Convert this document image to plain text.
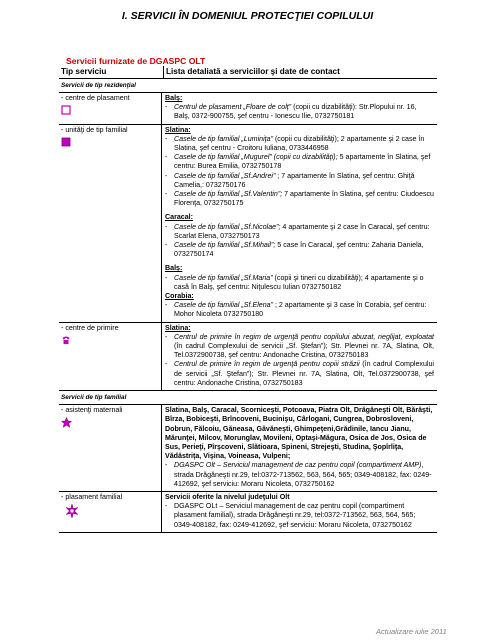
I. SERVICII ÎN DOMENIUL PROTECŢIEI COPILULUI
Servicii furnizate de DGASPC OLT
Tip serviciu	Lista detaliată a serviciilor şi date de contact
Servicii de tip rezidenţial
- centre de plasament	Balş:
- Centrul de plasament „Floare de colţ” (copii cu dizabilităţi): Str.Plopului nr. 16, Balş, 0372-900755, şef centru - Ionescu Ilie, 0732750181
- unităţi de tip familial	Slatina:
- Casele de tip familial „Luminiţa” (copii cu dizabilităţi); 2 apartamente şi 2 case în Slatina, şef centru - Croitoru Iuliana, 0733446958
- Casele de tip familial „Mugurel” (copii cu dizabilităţi); 5 apartamente în Slatina, şef centru: Burea Emilia, 0732750178
- Casele de tip familial „Sf.Andrei” ; 7 apartamente în Slatina, şef centru: Ghiţă Camelia,: 0732750176
- Casele de tip familial „Sf.Valentin”; 7 apartamente în Slatina, şef centru: Ciudoescu Florenţa, 0732750175
Caracal:
- Casele de tip familial „Sf.Nicolae”; 4 apartamente şi 2 case în Caracal, şef centru: Scarlat Elena, 0732750173
- Casele de tip familial „Sf.Mihail”; 5 case în Caracal, şef centru: Zaharia Daniela, 0732750174
Balş:
- Casele de tip familial „Sf.Maria” (copii şi tineri cu dizabilităţi); 4 apartamente şi o casă în Balş, şef centru: Niţulescu Iulian 0732750182
Corabia:
- Casele de tip familial „Sf.Elena” ; 2 apartamente şi 3 case în Corabia, şef centru: Mohor Nicoleta 0732750180
- centre de primire	Slatina:
- Centrul de primire în regim de urgenţă pentru copilului abuzat, neglijat, exploatat (în cadrul Complexului de servicii „Sf. Ştefan”); Str. Plevnei nr. 7A, Slatina, Olt, Tel.0372900738, şef centru: Andonache Cristina, 0732750183
- Centrul de primire în regim de urgenţă pentru copiii străzii (în cadrul Complexului de servicii „Sf. Ştefan”); Str. Plevnei nr. 7A, Slatina, Olt, Tel.0372900738, şef centru: Andonache Cristina, 0732750183
Servicii de tip familial
- asistenţi maternali	Slatina, Balş, Caracal, Scorniceşti, Potcoava, Piatra Olt, Drăgăneşti Olt, Bărăşti, Bîrza, Bobiceşti, Brîncoveni, Bucinişu, Cârlogani, Cungrea, Dobrosloveni, Dobrun, Fălcoiu, Găneasa, Găvăneşti, Ghimpeţeni,Grădinile, Iancu Jianu, Mărunţei, Milcov, Morunglav, Movileni, Optaşi-Măgura, Osica de Jos, Osica de Sus, Perieţi, Pîrşcoveni, Slătioara, Spineni, Strejeşti, Studina, Şopîrliţa, Vădăstriţa, Vişina, Voineasa, Vulpeni;
- DGASPC Olt – Serviciul management de caz pentru copil (compartiment AMP), strada Drăgăneşti nr.29, tel:0372-713562, 563, 564, 565; 0349-408182, fax: 0249-412692, şef serviciu: Moraru Nicoleta, 0732750162
- plasament familial	Servicii oferite la nivelul judeţului Olt
- DGASPC OLt – Serviciul management de caz pentru copil (compartiment plasament familial), strada Drăgăneşti nr.29, tel:0372-713562, 563, 564, 565; 0349-408182, fax: 0249-412692, şef serviciu: Moraru Nicoleta, 0732750162
Actualizare iulie 2011
